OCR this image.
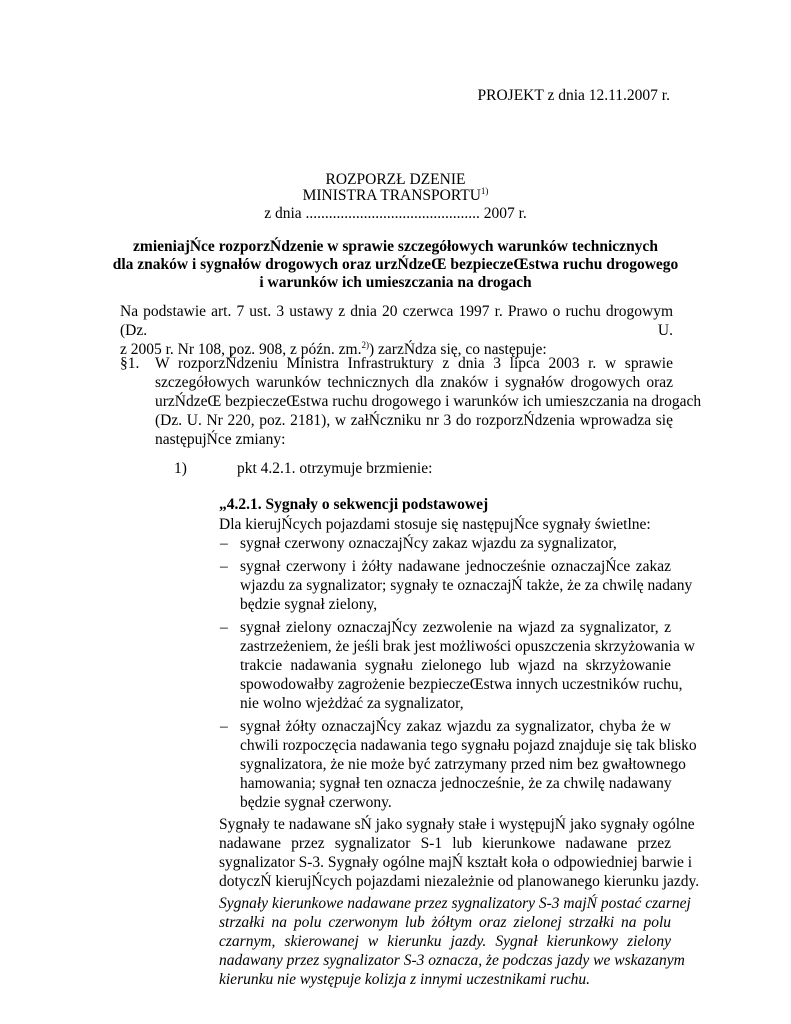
PROJEKT z dnia 12.11.2007 r.
ROZPORZŁ DZENIE
MINISTRA TRANSPORTU$^{1)}$
z dnia ............................................. 2007 r.
zmieniajŃce rozporzŃdzenie w sprawie szczegółowych warunków technicznych
dla znaków i sygnałów drogowych oraz urzŃdzeŒ bezpieczeŒstwa ruchu drogowego
i warunków ich umieszczania na drogach
Na podstawie art. 7 ust. 3 ustawy z dnia 20 czerwca 1997 r. Prawo o ruchu drogowym (Dz. U.
z 2005 r. Nr 108, poz. 908, z późn. zm.$^{2)}$) zarzŃdza się, co następuje:
§1. W rozporzŃdzeniu Ministra Infrastruktury z dnia 3 lipca 2003 r. w sprawie
szczegółowych warunków technicznych dla znaków i sygnałów drogowych oraz
urzŃdzeŒ bezpieczeŒstwa ruchu drogowego i warunków ich umieszczania na drogach
(Dz. U. Nr 220, poz. 2181), w załŃczniku nr 3 do rozporzŃdzenia wprowadza się
następujŃce zmiany:
1)	pkt 4.2.1. otrzymuje brzmienie:
„4.2.1. Sygnały o sekwencji podstawowej
Dla kierujŃcych pojazdami stosuje się następujŃce sygnały świetlne:
– sygnał czerwony oznaczajŃcy zakaz wjazdu za sygnalizator,
– sygnał czerwony i żółty nadawane jednocześnie oznaczajŃce zakaz
wjazdu za sygnalizator; sygnały te oznaczajŃ także, że za chwilę nadany
będzie sygnał zielony,
– sygnał zielony oznaczajŃcy zezwolenie na wjazd za sygnalizator, z
zastrzeżeniem, że jeśli brak jest możliwości opuszczenia skrzyżowania w
trakcie nadawania sygnału zielonego lub wjazd na skrzyżowanie
spowodowałby zagrożenie bezpieczeŒstwa innych uczestników ruchu,
nie wolno wjeżdżać za sygnalizator,
– sygnał żółty oznaczajŃcy zakaz wjazdu za sygnalizator, chyba że w
chwili rozpoczęcia nadawania tego sygnału pojazd znajduje się tak blisko
sygnalizatora, że nie może być zatrzymany przed nim bez gwałtownego
hamowania; sygnał ten oznacza jednocześnie, że za chwilę nadawany
będzie sygnał czerwony.
Sygnały te nadawane sŃ jako sygnały stałe i występujŃ jako sygnały ogólne
nadawane przez sygnalizator S-1 lub kierunkowe nadawane przez
sygnalizator S-3. Sygnały ogólne majŃ kształt koła o odpowiedniej barwie i
dotyczŃ kierujŃcych pojazdami niezależnie od planowanego kierunku jazdy.
Sygnały kierunkowe nadawane przez sygnalizatory S-3 majŃ postać czarnej
strzałki na polu czerwonym lub żółtym oraz zielonej strzałki na polu
czarnym, skierowanej w kierunku jazdy. Sygnał kierunkowy zielony
nadawany przez sygnalizator S-3 oznacza, że podczas jazdy we wskazanym
kierunku nie występuje kolizja z innymi uczestnikami ruchu.
